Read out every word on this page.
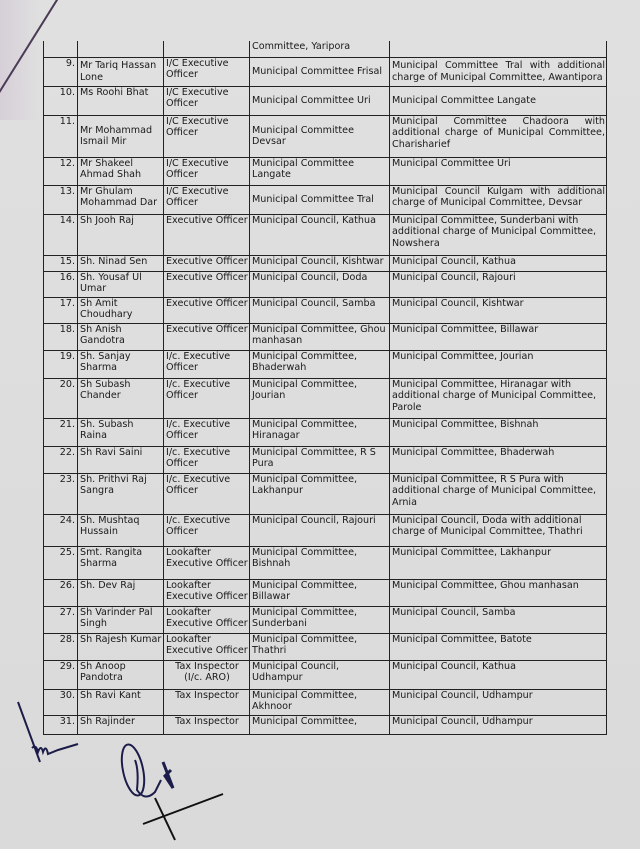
			Committee, Yaripora	
9.	Mr Tariq Hassan Lone	I/C Executive Officer	Municipal Committee Frisal	Municipal Committee Tral with additional charge of Municipal Committee, Awantipora
10.	Ms Roohi Bhat	I/C Executive Officer	Municipal Committee Uri	Municipal Committee Langate
11.	Mr Mohammad Ismail Mir	I/C Executive Officer	Municipal Committee Devsar	Municipal Committee Chadoora with additional charge of Municipal Committee, Charisharief
12.	Mr Shakeel Ahmad Shah	I/C Executive Officer	Municipal Committee Langate	Municipal Committee Uri
13.	Mr Ghulam Mohammad Dar	I/C Executive Officer	Municipal Committee Tral	Municipal Council Kulgam with additional charge of Municipal Committee, Devsar
14.	Sh Jooh Raj	Executive Officer	Municipal Council, Kathua	Municipal Committee, Sunderbani with additional charge of Municipal Committee, Nowshera
15.	Sh. Ninad Sen	Executive Officer	Municipal Council, Kishtwar	Municipal Council, Kathua
16.	Sh. Yousaf Ul Umar	Executive Officer	Municipal Council, Doda	Municipal Council, Rajouri
17.	Sh Amit Choudhary	Executive Officer	Municipal Council, Samba	Municipal Council, Kishtwar
18.	Sh Anish Gandotra	Executive Officer	Municipal Committee, Ghou manhasan	Municipal Committee, Billawar
19.	Sh. Sanjay Sharma	I/c. Executive Officer	Municipal Committee, Bhaderwah	Municipal Committee, Jourian
20.	Sh Subash Chander	I/c. Executive Officer	Municipal Committee, Jourian	Municipal Committee, Hiranagar with additional charge of Municipal Committee, Parole
21.	Sh. Subash Raina	I/c. Executive Officer	Municipal Committee, Hiranagar	Municipal Committee, Bishnah
22.	Sh Ravi Saini	I/c. Executive Officer	Municipal Committee, R S Pura	Municipal Committee, Bhaderwah
23.	Sh. Prithvi Raj Sangra	I/c. Executive Officer	Municipal Committee, Lakhanpur	Municipal Committee, R S Pura with additional charge of Municipal Committee, Arnia
24.	Sh. Mushtaq Hussain	I/c. Executive Officer	Municipal Council, Rajouri	Municipal Council, Doda with additional charge of Municipal Committee, Thathri
25.	Smt. Rangita Sharma	Lookafter Executive Officer	Municipal Committee, Bishnah	Municipal Committee, Lakhanpur
26.	Sh. Dev Raj	Lookafter Executive Officer	Municipal Committee, Billawar	Municipal Committee, Ghou manhasan
27.	Sh Varinder Pal Singh	Lookafter Executive Officer	Municipal Committee, Sunderbani	Municipal Council, Samba
28.	Sh Rajesh Kumar	Lookafter Executive Officer	Municipal Committee, Thathri	Municipal Committee, Batote
29.	Sh Anoop Pandotra	Tax Inspector (I/c. ARO)	Municipal Council, Udhampur	Municipal Council, Kathua
30.	Sh Ravi Kant	Tax Inspector	Municipal Committee, Akhnoor	Municipal Council, Udhampur
31.	Sh Rajinder	Tax Inspector	Municipal Committee,	Municipal Council, Udhampur
